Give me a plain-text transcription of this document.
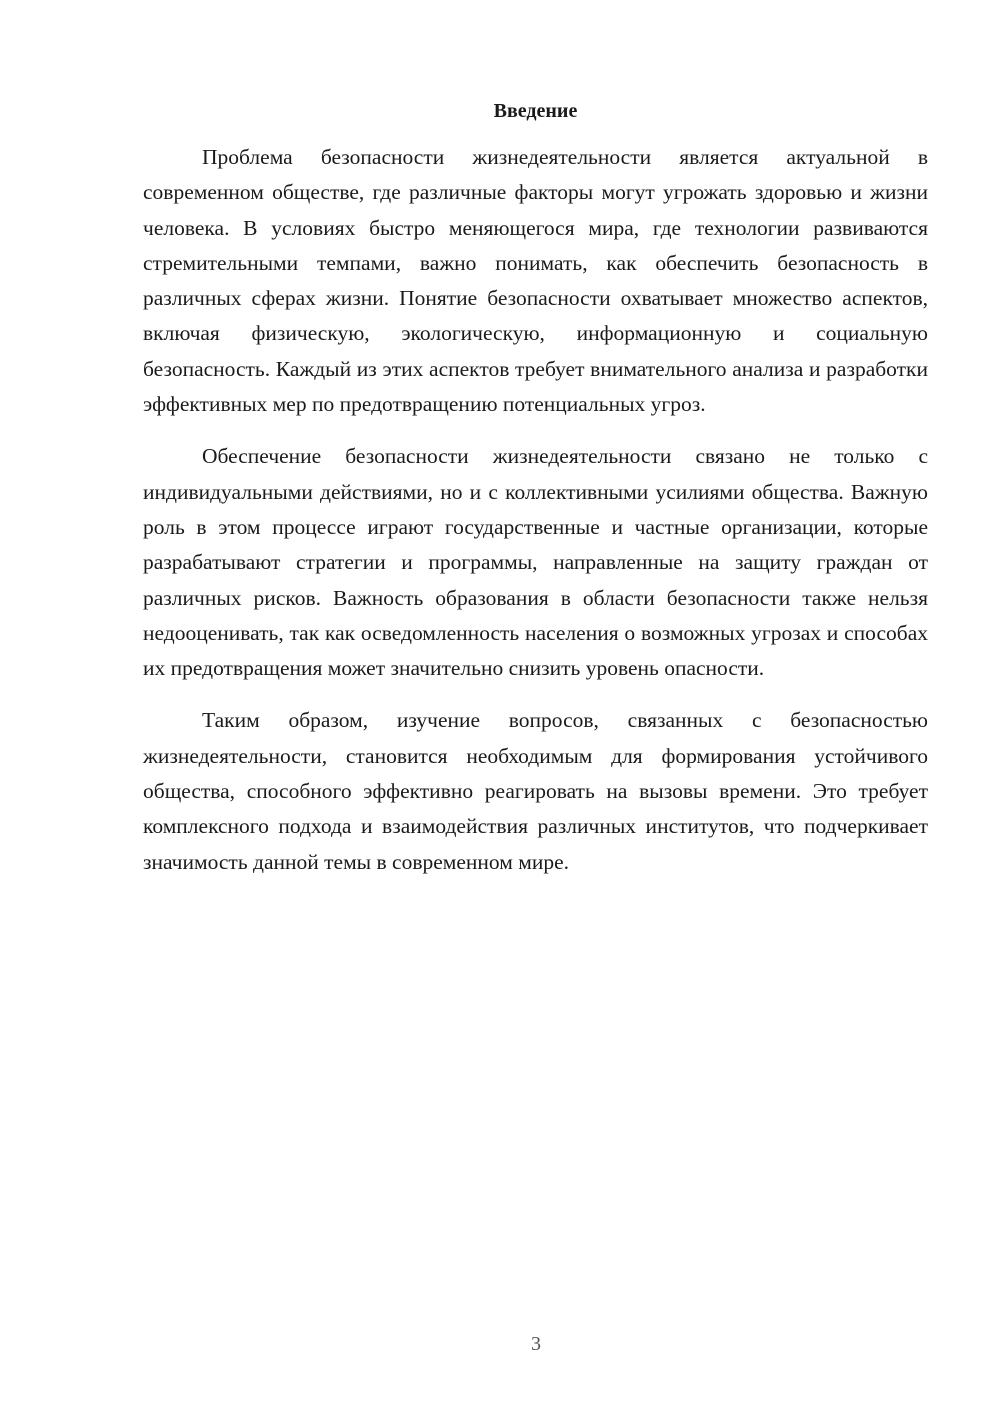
Введение

Проблема безопасности жизнедеятельности является актуальной в современном обществе, где различные факторы могут угрожать здоровью и жизни человека. В условиях быстро меняющегося мира, где технологии развиваются стремительными темпами, важно понимать, как обеспечить безопасность в различных сферах жизни. Понятие безопасности охватывает множество аспектов, включая физическую, экологическую, информационную и социальную безопасность. Каждый из этих аспектов требует внимательного анализа и разработки эффективных мер по предотвращению потенциальных угроз.

Обеспечение безопасности жизнедеятельности связано не только с индивидуальными действиями, но и с коллективными усилиями общества. Важную роль в этом процессе играют государственные и частные организации, которые разрабатывают стратегии и программы, направленные на защиту граждан от различных рисков. Важность образования в области безопасности также нельзя недооценивать, так как осведомленность населения о возможных угрозах и способах их предотвращения может значительно снизить уровень опасности.

Таким образом, изучение вопросов, связанных с безопасностью жизнедеятельности, становится необходимым для формирования устойчивого общества, способного эффективно реагировать на вызовы времени. Это требует комплексного подхода и взаимодействия различных институтов, что подчеркивает значимость данной темы в современном мире.

3
